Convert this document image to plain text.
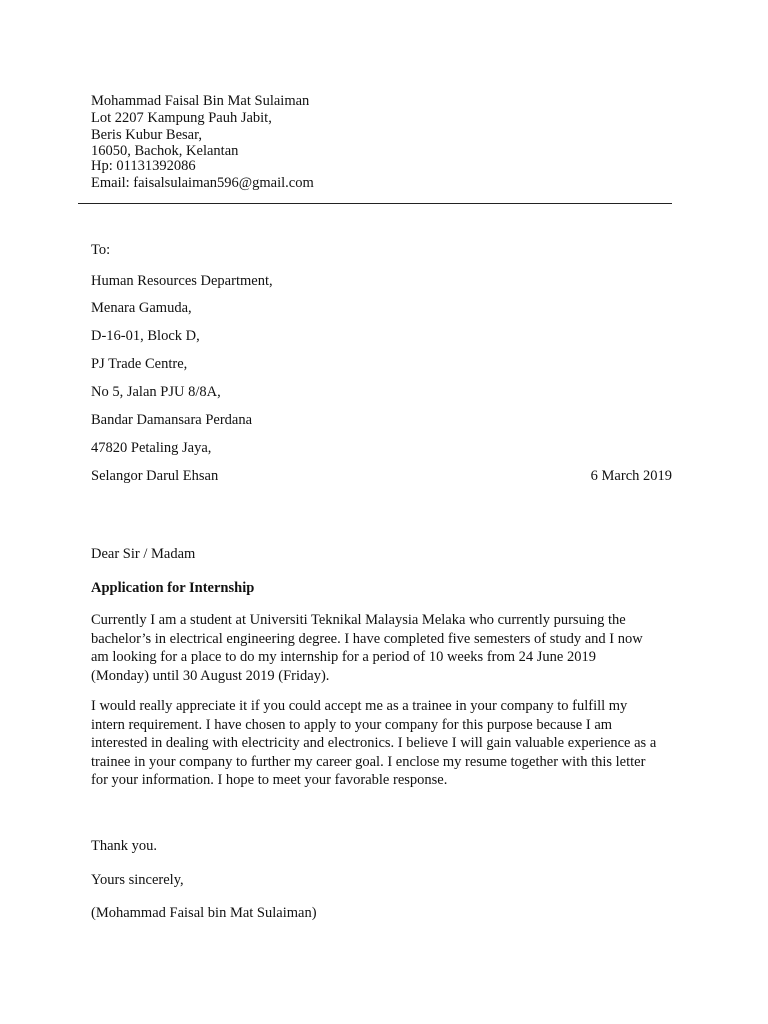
Mohammad Faisal Bin Mat Sulaiman
Lot 2207 Kampung Pauh Jabit,
Beris Kubur Besar,
16050, Bachok, Kelantan
Hp: 01131392086
Email: faisalsulaiman596@gmail.com
To:
Human Resources Department,
Menara Gamuda,
D-16-01, Block D,
PJ Trade Centre,
No 5, Jalan PJU 8/8A,
Bandar Damansara Perdana
47820 Petaling Jaya,
Selangor Darul Ehsan	6 March 2019
Dear Sir / Madam
Application for Internship
Currently I am a student at Universiti Teknikal Malaysia Melaka who currently pursuing the
bachelor’s in electrical engineering degree. I have completed five semesters of study and I now
am looking for a place to do my internship for a period of 10 weeks from 24 June 2019
(Monday) until 30 August 2019 (Friday).
I would really appreciate it if you could accept me as a trainee in your company to fulfill my
intern requirement. I have chosen to apply to your company for this purpose because I am
interested in dealing with electricity and electronics. I believe I will gain valuable experience as a
trainee in your company to further my career goal. I enclose my resume together with this letter
for your information. I hope to meet your favorable response.
Thank you.
Yours sincerely,
(Mohammad Faisal bin Mat Sulaiman)
